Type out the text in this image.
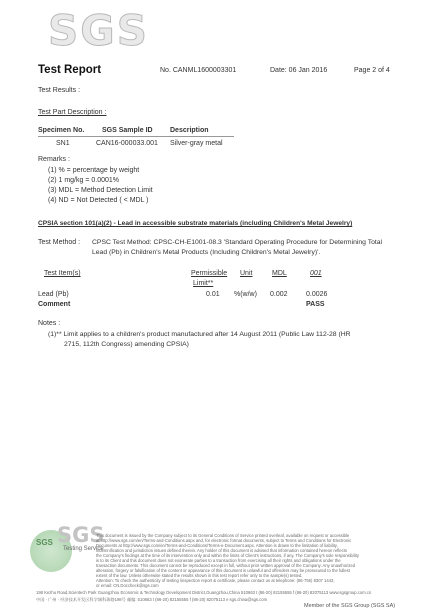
SGS
Test Report	No. CANML1600003301	Date: 06 Jan 2016	Page 2 of 4
Test Results :
Test Part Description :
Specimen No.	SGS Sample ID Description
SN1	CAN16-000033.001 Silver-gray metal
Remarks :
(1) % = percentage by weight
(2) 1 mg/kg = 0.0001%
(3) MDL = Method Detection Limit
(4) ND = Not Detected ( < MDL )
CPSIA section 101(a)(2) - Lead in accessible substrate materials (including Children's Metal Jewelry)
Test Method : CPSC Test Method: CPSC-CH-E1001-08.3 'Standard Operating Procedure for Determining Total
Lead (Pb) in Children's Metal Products (Including Children's Metal Jewelry)'.
Test Item(s)	Permissible
Limit**
Unit	MDL	001
Lead (Pb)	0.01 %(w/w) 0.002	0.0026
Comment	PASS
Notes :
(1)** Limit applies to a children's product manufactured after 14 August 2011 (Public Law 112-28 (HR
2715, 112th Congress) amending CPSIA)
SGS SGS
Testing Service
This document is issued by the Company subject to its General Conditions of Service printed overleaf, available on request or accessible
at http://www.sgs.com/en/Terms-and-Conditions.aspx and, for electronic format documents, subject to Terms and Conditions for Electronic
Documents at http://www.sgs.com/en/Terms-and-Conditions/Terms-e-Document.aspx. Attention is drawn to the limitation of liability,
indemnification and jurisdiction issues defined therein. Any holder of this document is advised that information contained hereon reflects
the Company's findings at the time of its intervention only and within the limits of Client's instructions, if any. The Company's sole responsibility
is to its Client and this document does not exonerate parties to a transaction from exercising all their rights and obligations under the
transaction documents. This document cannot be reproduced except in full, without prior written approval of the Company. Any unauthorized
alteration, forgery or falsification of the content or appearance of this document is unlawful and offenders may be prosecuted to the fullest
extent of the law. Unless otherwise stated the results shown in this test report refer only to the sample(s) tested.
Attention: To check the authenticity of testing /inspection report & certificate, please contact us at telephone: (86-755) 8307 1443,
or email: CN.Doccheck@sgs.com
198 Kezhu Road,Scientech Park Guangzhou Economic & Technology Development District,Guangzhou,China 510663 t (86-20) 82155555 f (86-20) 82075113 www.sgsgroup.com.cn
中国 · 广州 · 经济技术开发区科学城科珠路198号 邮编: 510663 t (86-20) 82155555 f (86-20) 82075113 e sgs.china@sgs.com
Member of the SGS Group (SGS SA)
